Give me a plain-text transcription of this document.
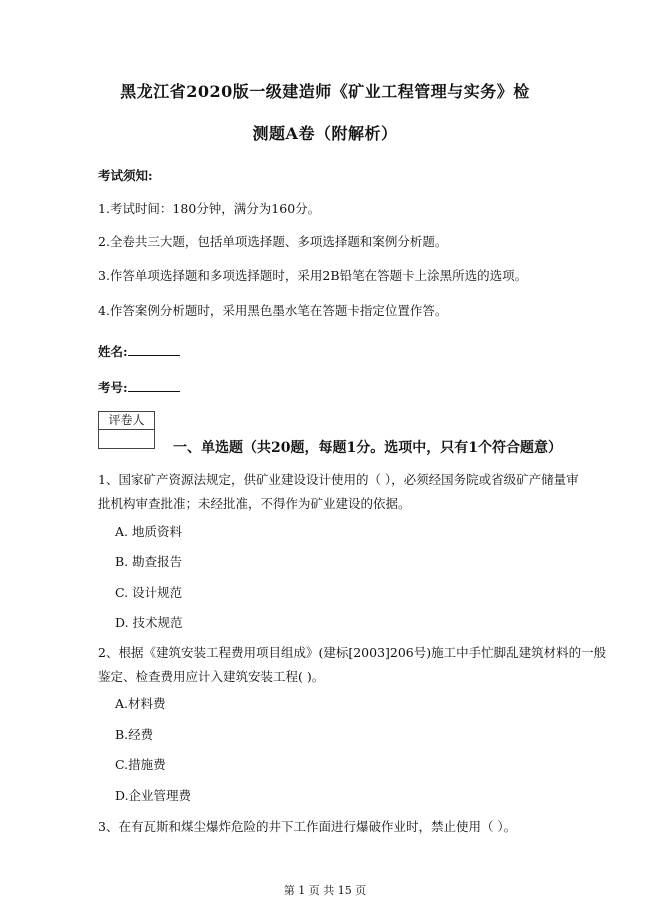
黑龙江省2020版一级建造师《矿业工程管理与实务》检
测题A卷（附解析）
考试须知:
1.考试时间：180分钟，满分为160分。
2.全卷共三大题，包括单项选择题、多项选择题和案例分析题。
3.作答单项选择题和多项选择题时，采用2B铅笔在答题卡上涂黑所选的选项。
4.作答案例分析题时，采用黑色墨水笔在答题卡指定位置作答。
姓名:
考号:
评卷人
一、单选题（共20题，每题1分。选项中，只有1个符合题意）
1、国家矿产资源法规定，供矿业建设设计使用的（ ），必须经国务院或省级矿产储量审
批机构审查批准；未经批准，不得作为矿业建设的依据。
A. 地质资料
B. 勘查报告
C. 设计规范
D. 技术规范
2、根据《建筑安装工程费用项目组成》(建标[2003]206号)施工中手忙脚乱建筑材料的一般
鉴定、检查费用应计入建筑安装工程( )。
A.材料费
B.经费
C.措施费
D.企业管理费
3、在有瓦斯和煤尘爆炸危险的井下工作面进行爆破作业时，禁止使用（ ）。
第 1 页 共 15 页
